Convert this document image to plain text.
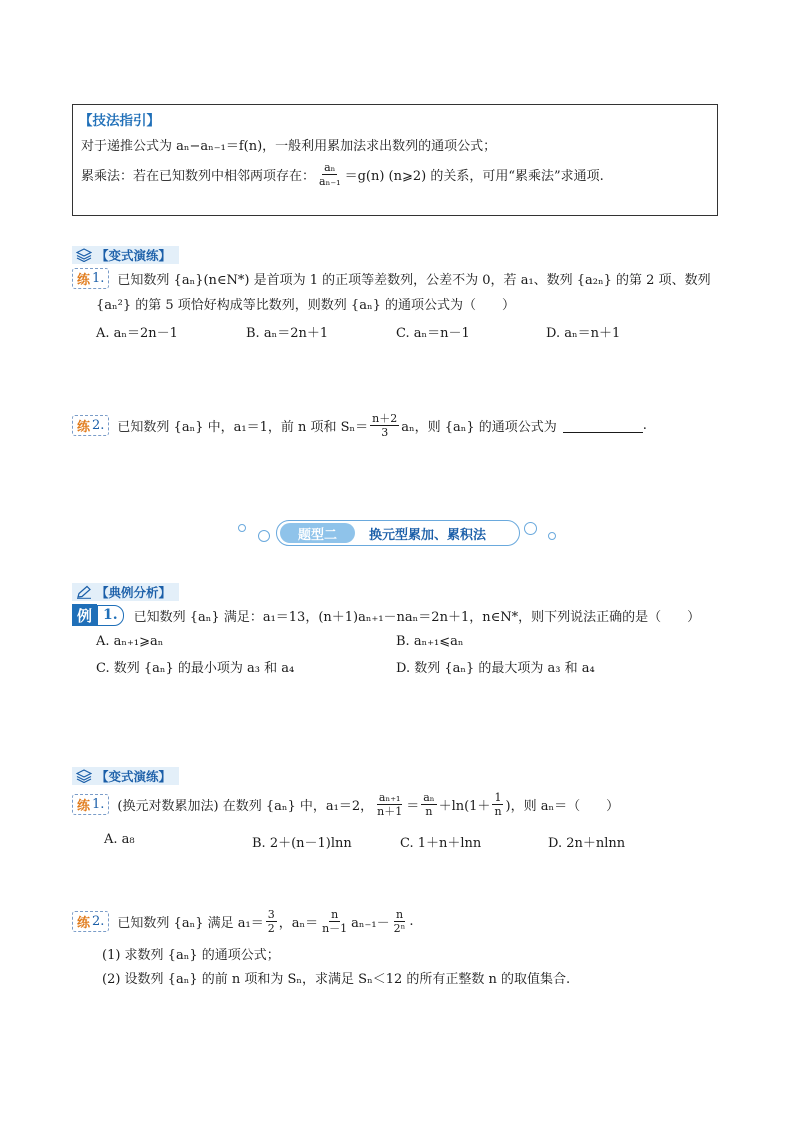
【技法指引】
对于递推公式为 aₙ−aₙ₋₁＝f(n)，一般利用累加法求出数列的通项公式；
累乘法：若在已知数列中相邻两项存在： $\frac{\text{aₙ}}{\text{aₙ₋₁}} =g(n)$ (n⩾2) 的关系，可用“累乘法”求通项.
【变式演练】
练 1. 已知数列 {aₙ}(n∈N*) 是首项为 1 的正项等差数列，公差不为 0，若 a₁、数列 {a₂ₙ} 的第 2 项、数列
{aₙ²} 的第 5 项恰好构成等比数列，则数列 {aₙ} 的通项公式为（　　）
A. aₙ＝2n－1	B. aₙ＝2n＋1	C. aₙ＝n－1	D. aₙ＝n＋1
练 2. 已知数列 {aₙ} 中，a₁＝1，前 n 项和 $S_n= \frac{n+2}{3}$ aₙ，则 {aₙ} 的通项公式为	.
题型二	换元型累加、累积法
【典例分析】
例 1.	已知数列 {aₙ} 满足：a₁＝13，(n＋1)aₙ₊₁－naₙ＝2n＋1，n∈N*，则下列说法正确的是（　　）
A. aₙ₊₁⩾aₙ	B. aₙ₊₁⩽aₙ
C. 数列 {aₙ} 的最小项为 a₃ 和 a₄	D. 数列 {aₙ} 的最大项为 a₃ 和 a₄
【变式演练】
练 1. (换元对数累加法) 在数列 {aₙ} 中，a₁＝2， $\frac{\text{aₙ₊₁}}{n+1} = \frac{\text{aₙ}}{n} +\ln(1+ \frac{1}{n}$ )，则 aₙ＝（　　）
A. a₈	B. 2＋(n－1)lnn	C. 1＋n＋lnn	D. 2n＋nlnn
练 2. 已知数列 {aₙ} 满足 $a_1= \frac{3}{2}$ ，$a_n= \frac{n}{n-1} a_{n-1}- \frac{n}{\text{2ⁿ}}$ .
(1) 求数列 {aₙ} 的通项公式；
(2) 设数列 {aₙ} 的前 n 项和为 Sₙ，求满足 Sₙ＜12 的所有正整数 n 的取值集合.
